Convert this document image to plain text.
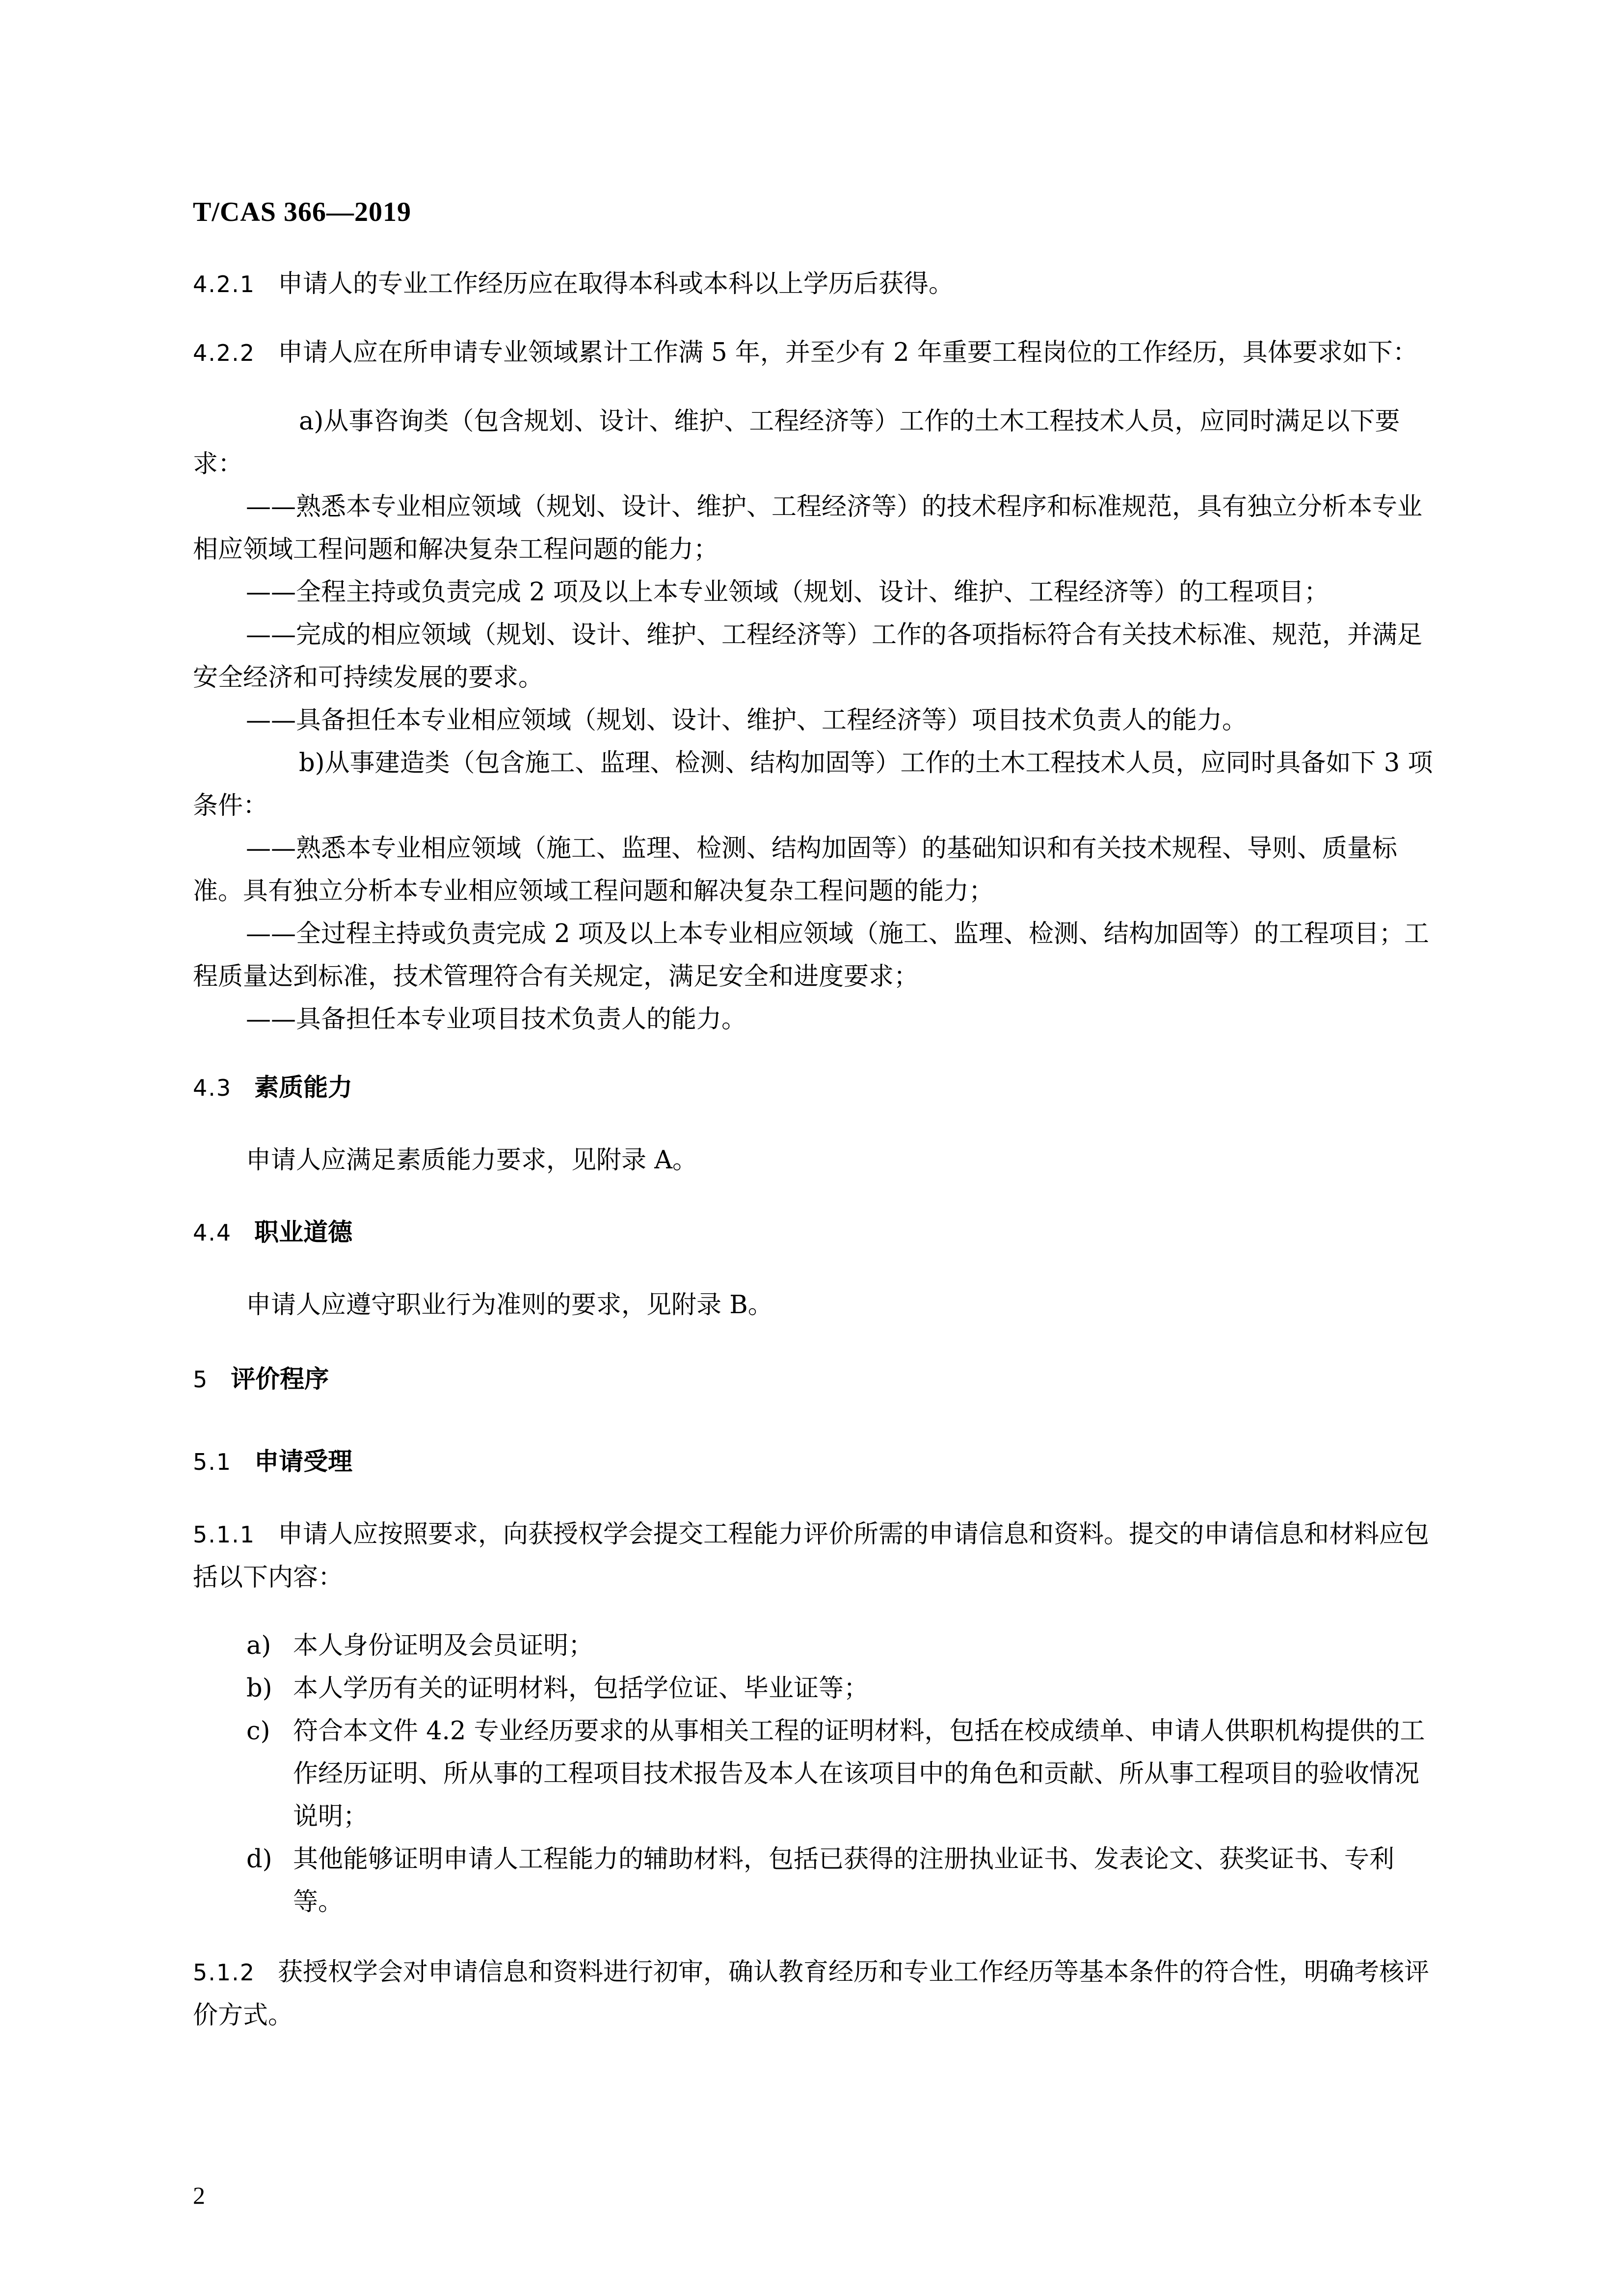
T/CAS 366—2019

4.2.1 申请人的专业工作经历应在取得本科或本科以上学历后获得。

4.2.2 申请人应在所申请专业领域累计工作满 5 年，并至少有 2 年重要工程岗位的工作经历，具体要求如下：

a)从事咨询类（包含规划、设计、维护、工程经济等）工作的土木工程技术人员，应同时满足以下要求：

——熟悉本专业相应领域（规划、设计、维护、工程经济等）的技术程序和标准规范，具有独立分析本专业相应领域工程问题和解决复杂工程问题的能力；

——全程主持或负责完成 2 项及以上本专业领域（规划、设计、维护、工程经济等）的工程项目；

——完成的相应领域（规划、设计、维护、工程经济等）工作的各项指标符合有关技术标准、规范，并满足安全经济和可持续发展的要求。

——具备担任本专业相应领域（规划、设计、维护、工程经济等）项目技术负责人的能力。

b)从事建造类（包含施工、监理、检测、结构加固等）工作的土木工程技术人员，应同时具备如下 3 项条件：

——熟悉本专业相应领域（施工、监理、检测、结构加固等）的基础知识和有关技术规程、导则、质量标准。具有独立分析本专业相应领域工程问题和解决复杂工程问题的能力；

——全过程主持或负责完成 2 项及以上本专业相应领域（施工、监理、检测、结构加固等）的工程项目；工程质量达到标准，技术管理符合有关规定，满足安全和进度要求；

——具备担任本专业项目技术负责人的能力。

4.3 素质能力

申请人应满足素质能力要求，见附录 A。

4.4 职业道德

申请人应遵守职业行为准则的要求，见附录 B。

5 评价程序

5.1 申请受理

5.1.1 申请人应按照要求，向获授权学会提交工程能力评价所需的申请信息和资料。提交的申请信息和材料应包括以下内容：

a) 本人身份证明及会员证明；

b) 本人学历有关的证明材料，包括学位证、毕业证等；

c) 符合本文件 4.2 专业经历要求的从事相关工程的证明材料，包括在校成绩单、申请人供职机构提供的工作经历证明、所从事的工程项目技术报告及本人在该项目中的角色和贡献、所从事工程项目的验收情况说明；

d) 其他能够证明申请人工程能力的辅助材料，包括已获得的注册执业证书、发表论文、获奖证书、专利等。

5.1.2 获授权学会对申请信息和资料进行初审，确认教育经历和专业工作经历等基本条件的符合性，明确考核评价方式。

2
